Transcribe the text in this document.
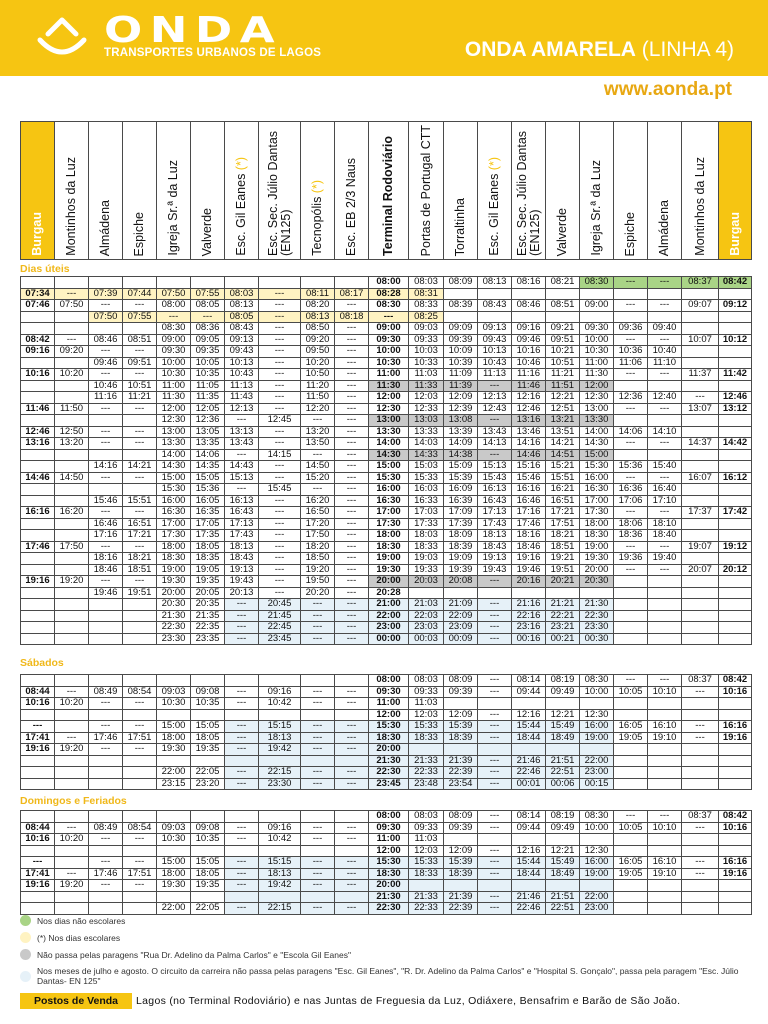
ONDA
TRANSPORTES URBANOS DE LAGOS	ONDA AMARELA (LINHA 4)
www.aonda.pt
Burgau	Montinhos da Luz	Almádena	Espiche	Igreja Sr.ª da Luz	Valverde	Esc. Gil Eanes (*)	Esc. Sec. Júlio Dantas (EN125)	Tecnopólis (*)	Esc. EB 2/3 Naus	Terminal Rodoviário	Portas de Portugal CTT	Torraltinha	Esc. Gil Eanes (*)	Esc. Sec. Júlio Dantas (EN125)	Valverde	Igreja Sr.ª da Luz	Espiche	Almádena	Montinhos da Luz	Burgau
Dias úteis
										08:00	08:03	08:09	08:13	08:16	08:21	08:30	---	---	08:37	08:42
07:34	---	07:39	07:44	07:50	07:55	08:03	---	08:11	08:17	08:28	08:31									
07:46	07:50	---	---	08:00	08:05	08:13	---	08:20	---	08:30	08:33	08:39	08:43	08:46	08:51	09:00	---	---	09:07	09:12
		07:50	07:55	---	---	08:05	---	08:13	08:18	---	08:25									
				08:30	08:36	08:43	---	08:50	---	09:00	09:03	09:09	09:13	09:16	09:21	09:30	09:36	09:40		
08:42	---	08:46	08:51	09:00	09:05	09:13	---	09:20	---	09:30	09:33	09:39	09:43	09:46	09:51	10:00	---	---	10:07	10:12
09:16	09:20	---	---	09:30	09:35	09:43	---	09:50	---	10:00	10:03	10:09	10:13	10:16	10:21	10:30	10:36	10:40		
		09:46	09:51	10:00	10:05	10:13	---	10:20	---	10:30	10:33	10:39	10:43	10:46	10:51	11:00	11:06	11:10		
10:16	10:20	---	---	10:30	10:35	10:43	---	10:50	---	11:00	11:03	11:09	11:13	11:16	11:21	11:30	---	---	11:37	11:42
		10:46	10:51	11:00	11:05	11:13	---	11:20	---	11:30	11:33	11:39	---	11:46	11:51	12:00				
		11:16	11:21	11:30	11:35	11:43	---	11:50	---	12:00	12:03	12:09	12:13	12:16	12:21	12:30	12:36	12:40	---	12:46
11:46	11:50	---	---	12:00	12:05	12:13	---	12:20	---	12:30	12:33	12:39	12:43	12:46	12:51	13:00	---	---	13:07	13:12
				12:30	12:36	---	12:45	---	---	13:00	13:03	13:08	---	13:16	13:21	13:30				
12:46	12:50	---	---	13:00	13:05	13:13	---	13:20	---	13:30	13:33	13:39	13:43	13:46	13:51	14:00	14:06	14:10		
13:16	13:20	---	---	13:30	13:35	13:43	---	13:50	---	14:00	14:03	14:09	14:13	14:16	14:21	14:30	---	---	14:37	14:42
				14:00	14:06	---	14:15	---	---	14:30	14:33	14:38	---	14:46	14:51	15:00				
		14:16	14:21	14:30	14:35	14:43	---	14:50	---	15:00	15:03	15:09	15:13	15:16	15:21	15:30	15:36	15:40		
14:46	14:50	---	---	15:00	15:05	15:13	---	15:20	---	15:30	15:33	15:39	15:43	15:46	15:51	16:00	---	---	16:07	16:12
				15:30	15:36	---	15:45	---	---	16:00	16:03	16:09	16:13	16:16	16:21	16:30	16:36	16:40		
		15:46	15:51	16:00	16:05	16:13	---	16:20	---	16:30	16:33	16:39	16:43	16:46	16:51	17:00	17:06	17:10		
16:16	16:20	---	---	16:30	16:35	16:43	---	16:50	---	17:00	17:03	17:09	17:13	17:16	17:21	17:30	---	---	17:37	17:42
		16:46	16:51	17:00	17:05	17:13	---	17:20	---	17:30	17:33	17:39	17:43	17:46	17:51	18:00	18:06	18:10		
		17:16	17:21	17:30	17:35	17:43	---	17:50	---	18:00	18:03	18:09	18:13	18:16	18:21	18:30	18:36	18:40		
17:46	17:50	---	---	18:00	18:05	18:13	---	18:20	---	18:30	18:33	18:39	18:43	18:46	18:51	19:00	---	---	19:07	19:12
		18:16	18:21	18:30	18:35	18:43	---	18:50	---	19:00	19:03	19:09	19:13	19:16	19:21	19:30	19:36	19:40		
		18:46	18:51	19:00	19:05	19:13	---	19:20	---	19:30	19:33	19:39	19:43	19:46	19:51	20:00	---	---	20:07	20:12
19:16	19:20	---	---	19:30	19:35	19:43	---	19:50	---	20:00	20:03	20:08	---	20:16	20:21	20:30				
		19:46	19:51	20:00	20:05	20:13	---	20:20	---	20:28										
				20:30	20:35	---	20:45	---	---	21:00	21:03	21:09	---	21:16	21:21	21:30				
				21:30	21:35	---	21:45	---	---	22:00	22:03	22:09	---	22:16	22:21	22:30				
				22:30	22:35	---	22:45	---	---	23:00	23:03	23:09	---	23:16	23:21	23:30				
				23:30	23:35	---	23:45	---	---	00:00	00:03	00:09	---	00:16	00:21	00:30				
Sábados
										08:00	08:03	08:09	---	08:14	08:19	08:30	---	---	08:37	08:42
08:44	---	08:49	08:54	09:03	09:08	---	09:16	---	---	09:30	09:33	09:39	---	09:44	09:49	10:00	10:05	10:10	---	10:16
10:16	10:20	---	---	10:30	10:35	---	10:42	---	---	11:00	11:03									
										12:00	12:03	12:09	---	12:16	12:21	12:30				
---		---	---	15:00	15:05	---	15:15	---	---	15:30	15:33	15:39	---	15:44	15:49	16:00	16:05	16:10	---	16:16
17:41	---	17:46	17:51	18:00	18:05	---	18:13	---	---	18:30	18:33	18:39	---	18:44	18:49	19:00	19:05	19:10	---	19:16
19:16	19:20	---	---	19:30	19:35	---	19:42	---	---	20:00										
										21:30	21:33	21:39	---	21:46	21:51	22:00				
				22:00	22:05	---	22:15	---	---	22:30	22:33	22:39	---	22:46	22:51	23:00				
				23:15	23:20	---	23:30	---	---	23:45	23:48	23:54	---	00:01	00:06	00:15				
Domingos e Feriados
										08:00	08:03	08:09	---	08:14	08:19	08:30	---	---	08:37	08:42
08:44	---	08:49	08:54	09:03	09:08	---	09:16	---	---	09:30	09:33	09:39	---	09:44	09:49	10:00	10:05	10:10	---	10:16
10:16	10:20	---	---	10:30	10:35	---	10:42	---	---	11:00	11:03									
										12:00	12:03	12:09	---	12:16	12:21	12:30				
---		---	---	15:00	15:05	---	15:15	---	---	15:30	15:33	15:39	---	15:44	15:49	16:00	16:05	16:10	---	16:16
17:41	---	17:46	17:51	18:00	18:05	---	18:13	---	---	18:30	18:33	18:39	---	18:44	18:49	19:00	19:05	19:10	---	19:16
19:16	19:20	---	---	19:30	19:35	---	19:42	---	---	20:00										
										21:30	21:33	21:39	---	21:46	21:51	22:00				
				22:00	22:05	---	22:15	---	---	22:30	22:33	22:39	---	22:46	22:51	23:00				
Nos dias não escolares
(*) Nos dias escolares
Não passa pelas paragens "Rua Dr. Adelino da Palma Carlos" e "Escola Gil Eanes"
Nos meses de julho e agosto. O circuito da carreira não passa pelas paragens "Esc. Gil Eanes", "R. Dr. Adelino da Palma Carlos" e "Hospital S. Gonçalo", passa pela paragem "Esc. Júlio Dantas- EN 125"
Postos de Venda	Lagos (no Terminal Rodoviário) e nas Juntas de Freguesia da Luz, Odiáxere, Bensafrim e Barão de São João.
